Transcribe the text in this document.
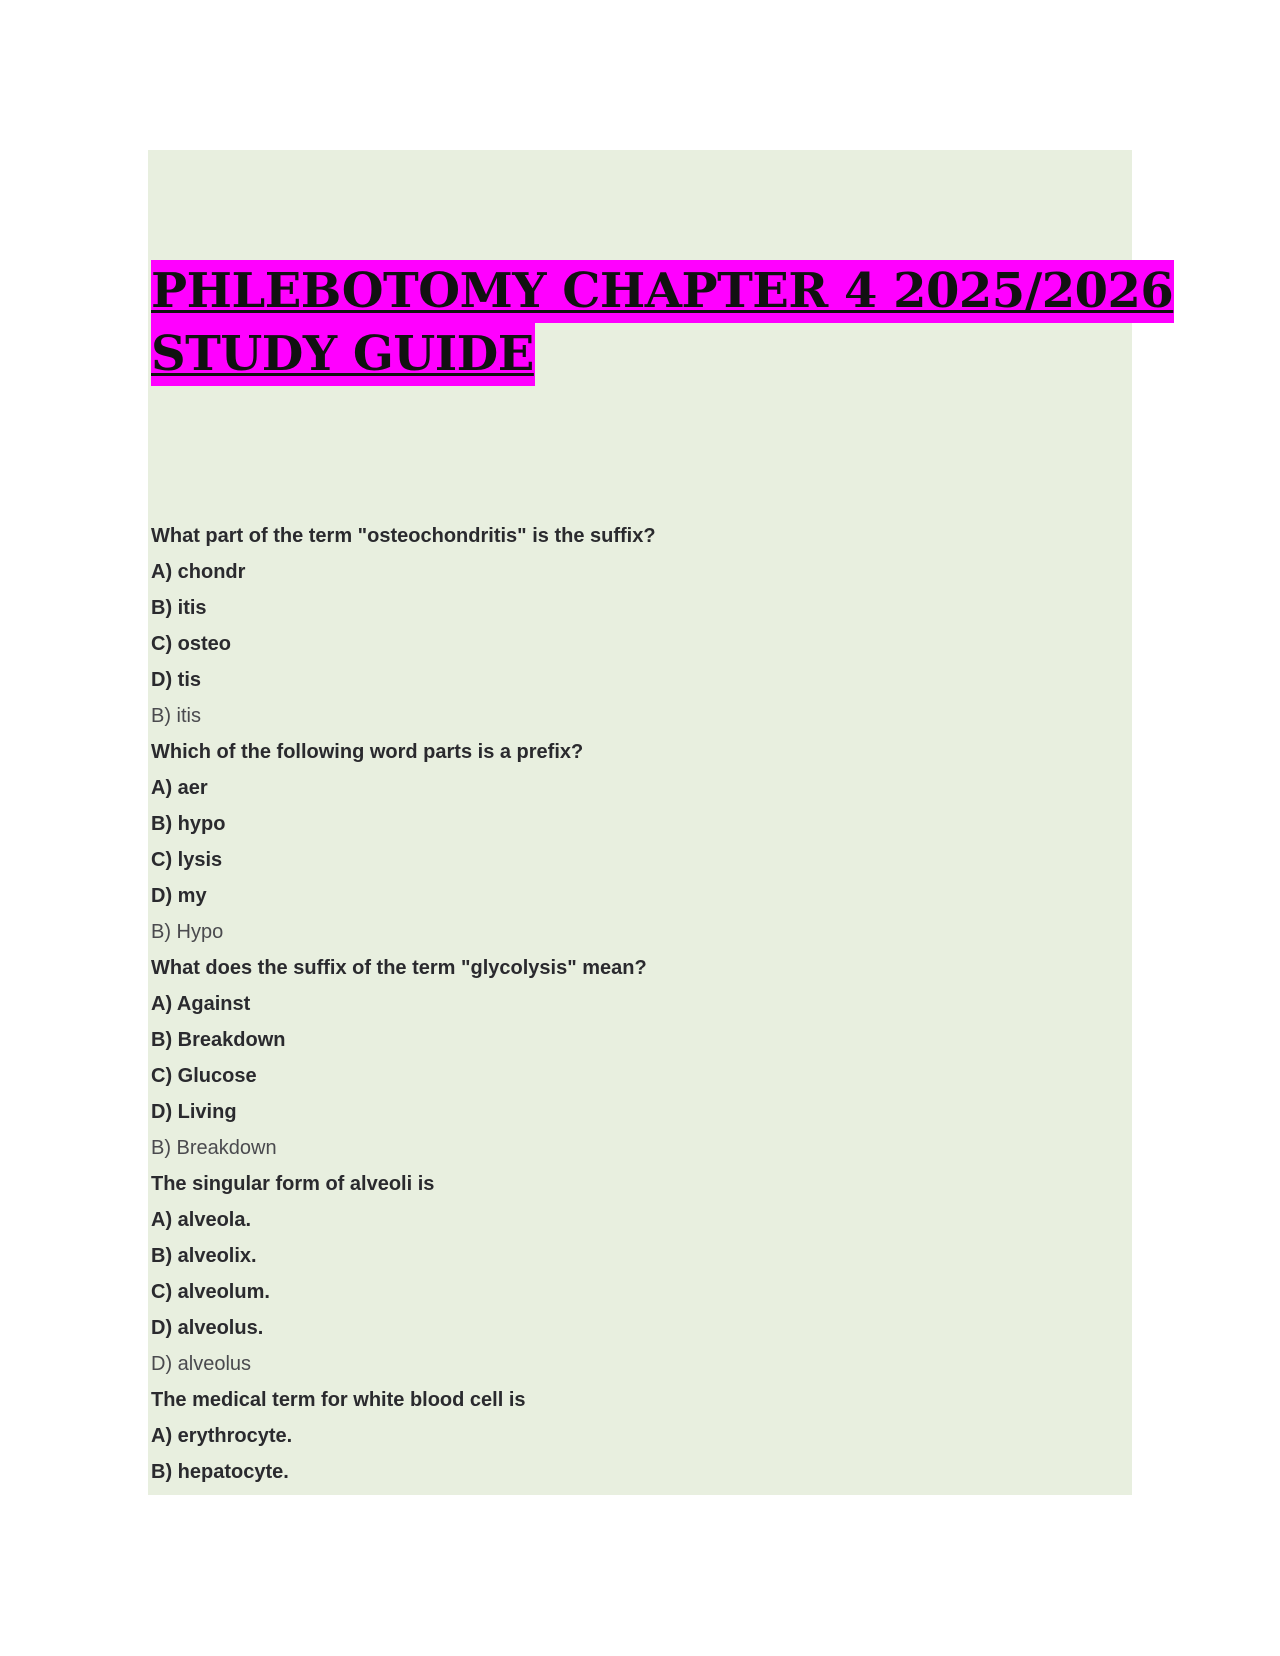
PHLEBOTOMY CHAPTER 4 2025/2026
STUDY GUIDE
What part of the term "osteochondritis" is the suffix?
A) chondr
B) itis
C) osteo
D) tis
B) itis
Which of the following word parts is a prefix?
A) aer
B) hypo
C) lysis
D) my
B) Hypo
What does the suffix of the term "glycolysis" mean?
A) Against
B) Breakdown
C) Glucose
D) Living
B) Breakdown
The singular form of alveoli is
A) alveola.
B) alveolix.
C) alveolum.
D) alveolus.
D) alveolus
The medical term for white blood cell is
A) erythrocyte.
B) hepatocyte.
